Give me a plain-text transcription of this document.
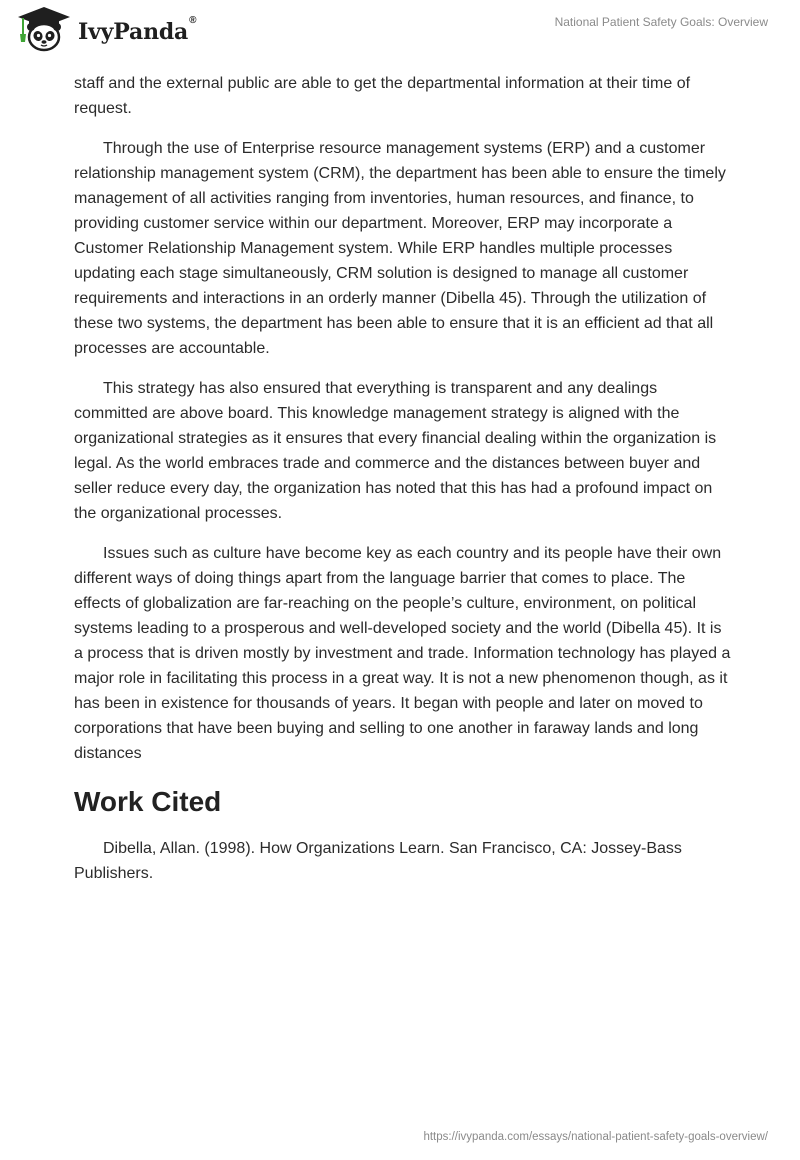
IvyPanda®	National Patient Safety Goals: Overview

staff and the external public are able to get the departmental information at their time of request.

Through the use of Enterprise resource management systems (ERP) and a customer relationship management system (CRM), the department has been able to ensure the timely management of all activities ranging from inventories, human resources, and finance, to providing customer service within our department. Moreover, ERP may incorporate a Customer Relationship Management system. While ERP handles multiple processes updating each stage simultaneously, CRM solution is designed to manage all customer requirements and interactions in an orderly manner (Dibella 45). Through the utilization of these two systems, the department has been able to ensure that it is an efficient ad that all processes are accountable.

This strategy has also ensured that everything is transparent and any dealings committed are above board. This knowledge management strategy is aligned with the organizational strategies as it ensures that every financial dealing within the organization is legal. As the world embraces trade and commerce and the distances between buyer and seller reduce every day, the organization has noted that this has had a profound impact on the organizational processes.

Issues such as culture have become key as each country and its people have their own different ways of doing things apart from the language barrier that comes to place. The effects of globalization are far-reaching on the people’s culture, environment, on political systems leading to a prosperous and well-developed society and the world (Dibella 45). It is a process that is driven mostly by investment and trade. Information technology has played a major role in facilitating this process in a great way. It is not a new phenomenon though, as it has been in existence for thousands of years. It began with people and later on moved to corporations that have been buying and selling to one another in faraway lands and long distances

Work Cited

Dibella, Allan. (1998). How Organizations Learn. San Francisco, CA: Jossey-Bass Publishers.

https://ivypanda.com/essays/national-patient-safety-goals-overview/
